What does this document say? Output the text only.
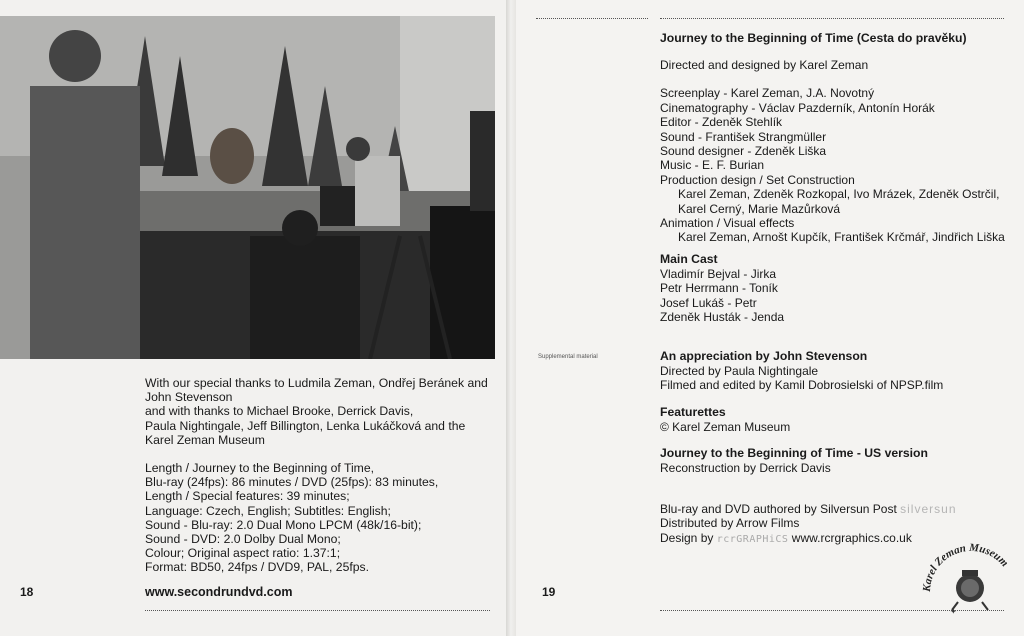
With our special thanks to Ludmila Zeman, Ondřej Beránek and
John Stevenson
and with thanks to Michael Brooke, Derrick Davis,
Paula Nightingale, Jeff Billington, Lenka Lukáčková and the
Karel Zeman Museum

Length / Journey to the Beginning of Time,
Blu-ray (24fps): 86 minutes / DVD (25fps): 83 minutes,
Length / Special features: 39 minutes;
Language: Czech, English; Subtitles: English;
Sound - Blu-ray: 2.0 Dual Mono LPCM (48k/16-bit);
Sound - DVD: 2.0 Dolby Dual Mono;
Colour; Original aspect ratio: 1.37:1;
Format: BD50, 24fps / DVD9, PAL, 25fps.

18	www.secondrundvd.com	19
Supplemental material
Journey to the Beginning of Time (Cesta do pravěku)
Directed and designed by Karel Zeman
Screenplay - Karel Zeman, J.A. Novotný
Cinematography - Václav Pazderník, Antonín Horák
Editor - Zdeněk Stehlík
Sound - František Strangmüller
Sound designer - Zdeněk Liška
Music - E. F. Burian
Production design / Set Construction
Karel Zeman, Zdeněk Rozkopal, Ivo Mrázek, Zdeněk Ostrčil,
Karel Cerný, Marie Mazůrková
Animation / Visual effects
Karel Zeman, Arnošt Kupčík, František Krčmář, Jindřich Liška
Main Cast
Vladimír Bejval - Jirka
Petr Herrmann - Toník
Josef Lukáš - Petr
Zdeněk Husták - Jenda
An appreciation by John Stevenson
Directed by Paula Nightingale
Filmed and edited by Kamil Dobrosielski of NPSP.film
Featurettes
© Karel Zeman Museum
Journey to the Beginning of Time - US version
Reconstruction by Derrick Davis
Blu-ray and DVD authored by Silversun Post silversun
Distributed by Arrow Films
Design by rcrGRAPHiCS www.rcrgraphics.co.uk
Karel Zeman Museum
✦
